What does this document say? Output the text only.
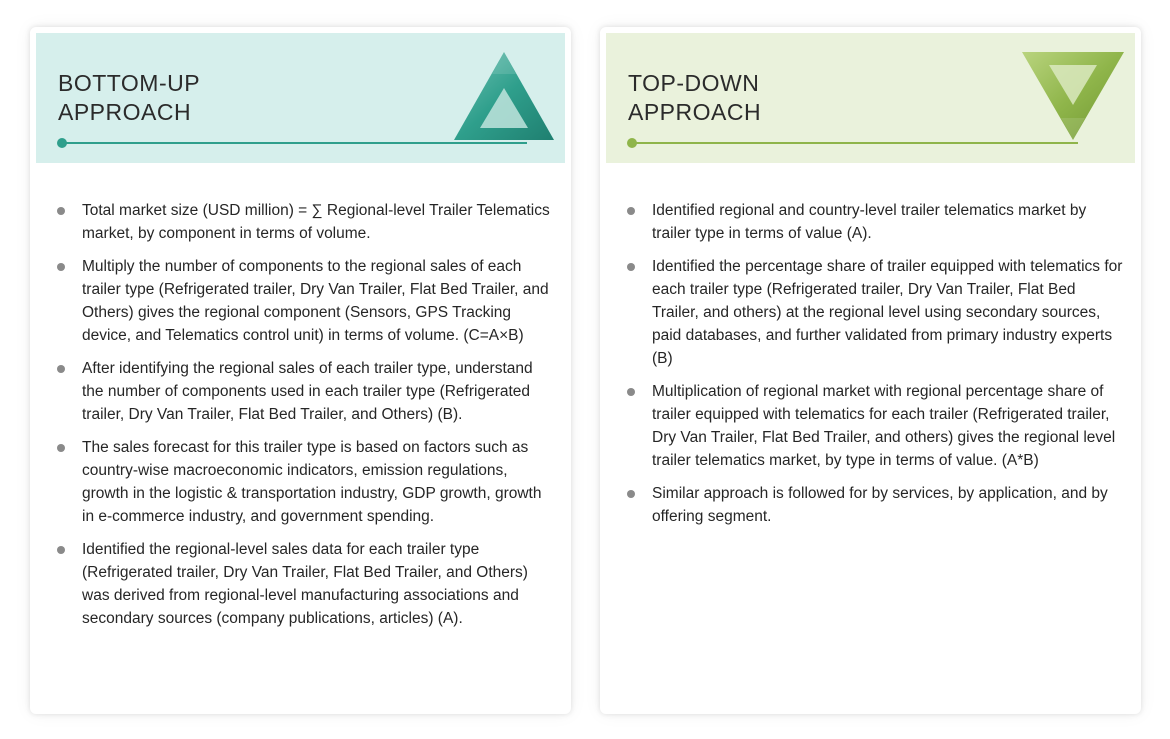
BOTTOM-UP
APPROACH
Total market size (USD million) = ∑ Regional-level Trailer Telematics market, by component in terms of volume.
Multiply the number of components to the regional sales of each trailer type (Refrigerated trailer, Dry Van Trailer, Flat Bed Trailer, and Others) gives the regional component (Sensors, GPS Tracking device, and Telematics control unit) in terms of volume. (C=A×B)
After identifying the regional sales of each trailer type, understand the number of components used in each trailer type (Refrigerated trailer, Dry Van Trailer, Flat Bed Trailer, and Others) (B).
The sales forecast for this trailer type is based on factors such as country-wise macroeconomic indicators, emission regulations, growth in the logistic & transportation industry, GDP growth, growth in e-commerce industry, and government spending.
Identified the regional-level sales data for each trailer type (Refrigerated trailer, Dry Van Trailer, Flat Bed Trailer, and Others) was derived from regional-level manufacturing associations and secondary sources (company publications, articles) (A).
TOP-DOWN
APPROACH
Identified regional and country-level trailer telematics market by trailer type in terms of value (A).
Identified the percentage share of trailer equipped with telematics for each trailer type (Refrigerated trailer, Dry Van Trailer, Flat Bed Trailer, and others) at the regional level using secondary sources, paid databases, and further validated from primary industry experts (B)
Multiplication of regional market with regional percentage share of trailer equipped with telematics for each trailer (Refrigerated trailer, Dry Van Trailer, Flat Bed Trailer, and others) gives the regional level trailer telematics market, by type in terms of value. (A*B)
Similar approach is followed for by services, by application, and by offering segment.
